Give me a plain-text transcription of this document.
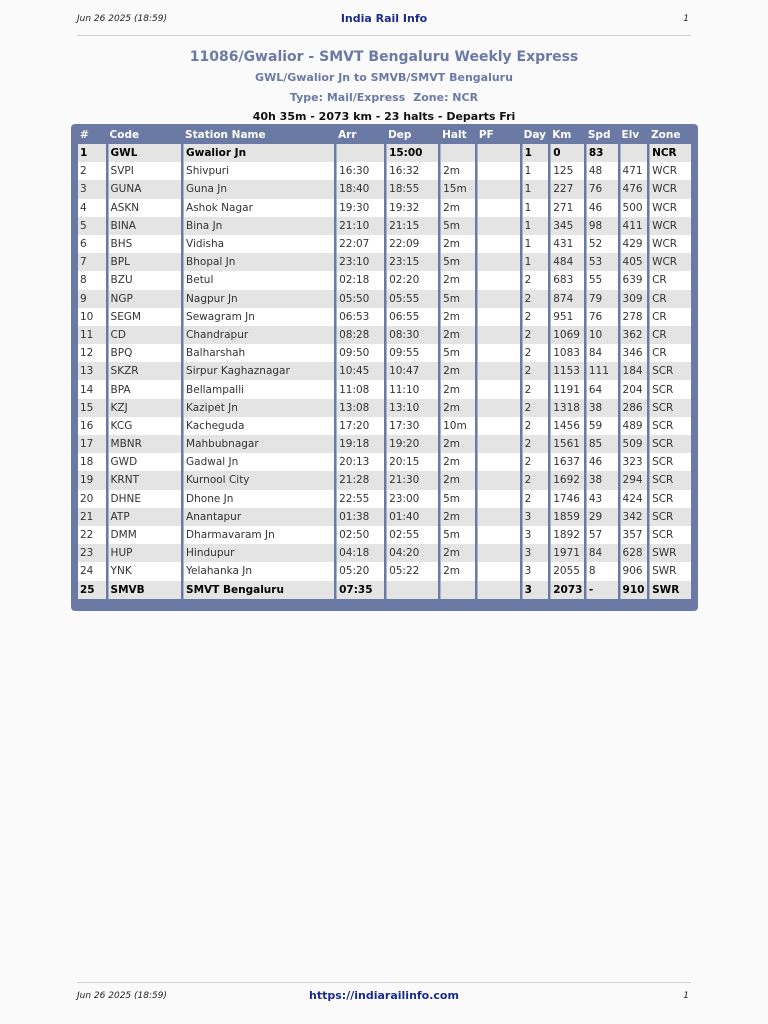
Jun 26 2025 (18:59)	India Rail Info	1
11086/Gwalior - SMVT Bengaluru Weekly Express
GWL/Gwalior Jn to SMVB/SMVT Bengaluru
Type: Mail/Express Zone: NCR
40h 35m - 2073 km - 23 halts - Departs Fri
#	Code	Station Name	Arr	Dep	Halt	PF	Day	Km	Spd	Elv	Zone
1	GWL	Gwalior Jn		15:00			1	0	83		NCR
2	SVPI	Shivpuri	16:30	16:32	2m		1	125	48	471	WCR
3	GUNA	Guna Jn	18:40	18:55	15m		1	227	76	476	WCR
4	ASKN	Ashok Nagar	19:30	19:32	2m		1	271	46	500	WCR
5	BINA	Bina Jn	21:10	21:15	5m		1	345	98	411	WCR
6	BHS	Vidisha	22:07	22:09	2m		1	431	52	429	WCR
7	BPL	Bhopal Jn	23:10	23:15	5m		1	484	53	405	WCR
8	BZU	Betul	02:18	02:20	2m		2	683	55	639	CR
9	NGP	Nagpur Jn	05:50	05:55	5m		2	874	79	309	CR
10	SEGM	Sewagram Jn	06:53	06:55	2m		2	951	76	278	CR
11	CD	Chandrapur	08:28	08:30	2m		2	1069	10	362	CR
12	BPQ	Balharshah	09:50	09:55	5m		2	1083	84	346	CR
13	SKZR	Sirpur Kaghaznagar	10:45	10:47	2m		2	1153	111	184	SCR
14	BPA	Bellampalli	11:08	11:10	2m		2	1191	64	204	SCR
15	KZJ	Kazipet Jn	13:08	13:10	2m		2	1318	38	286	SCR
16	KCG	Kacheguda	17:20	17:30	10m		2	1456	59	489	SCR
17	MBNR	Mahbubnagar	19:18	19:20	2m		2	1561	85	509	SCR
18	GWD	Gadwal Jn	20:13	20:15	2m		2	1637	46	323	SCR
19	KRNT	Kurnool City	21:28	21:30	2m		2	1692	38	294	SCR
20	DHNE	Dhone Jn	22:55	23:00	5m		2	1746	43	424	SCR
21	ATP	Anantapur	01:38	01:40	2m		3	1859	29	342	SCR
22	DMM	Dharmavaram Jn	02:50	02:55	5m		3	1892	57	357	SCR
23	HUP	Hindupur	04:18	04:20	2m		3	1971	84	628	SWR
24	YNK	Yelahanka Jn	05:20	05:22	2m		3	2055	8	906	SWR
25	SMVB	SMVT Bengaluru	07:35				3	2073	-	910	SWR
Jun 26 2025 (18:59)	https://indiarailinfo.com	1
